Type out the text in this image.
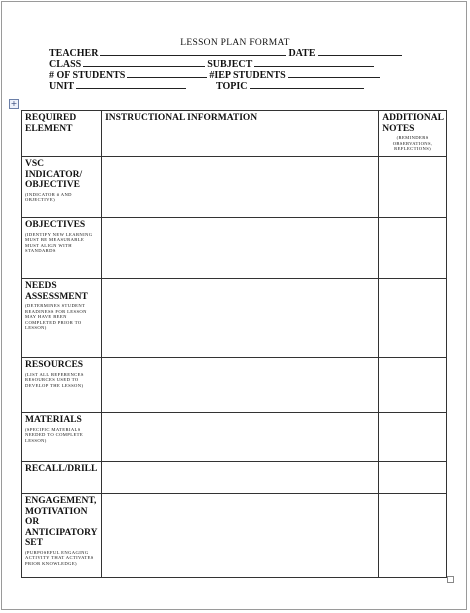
LESSON PLAN FORMAT
TEACHER	DATE
CLASS	SUBJECT
# OF STUDENTS	#IEP STUDENTS
UNIT	TOPIC
+
REQUIRED ELEMENT	INSTRUCTIONAL INFORMATION	ADDITIONAL NOTES
(REMINDERS OBSERVATIONS, REFLECTIONS)

VSC INDICATOR/ OBJECTIVE
(INDICATOR # AND OBJECTIVE)		

OBJECTIVES
(IDENTIFY NEW LEARNING MUST BE MEASURABLE MUST ALIGN WITH STANDARDS		

NEEDS ASSESSMENT
(DETERMINES STUDENT READINESS FOR LESSON MAY HAVE BEEN COMPLETED PRIOR TO LESSON)		

RESOURCES
(LIST ALL REFERENCES RESOURCES USED TO DEVELOP THE LESSON)		

MATERIALS
(SPECIFIC MATERIALS NEEDED TO COMPLETE LESSON)		

RECALL/DRILL		

ENGAGEMENT, MOTIVATION OR ANTICIPATORY SET
(PURPOSEFUL ENGAGING ACTIVITY THAT ACTIVATES PRIOR KNOWLEDGE)		
